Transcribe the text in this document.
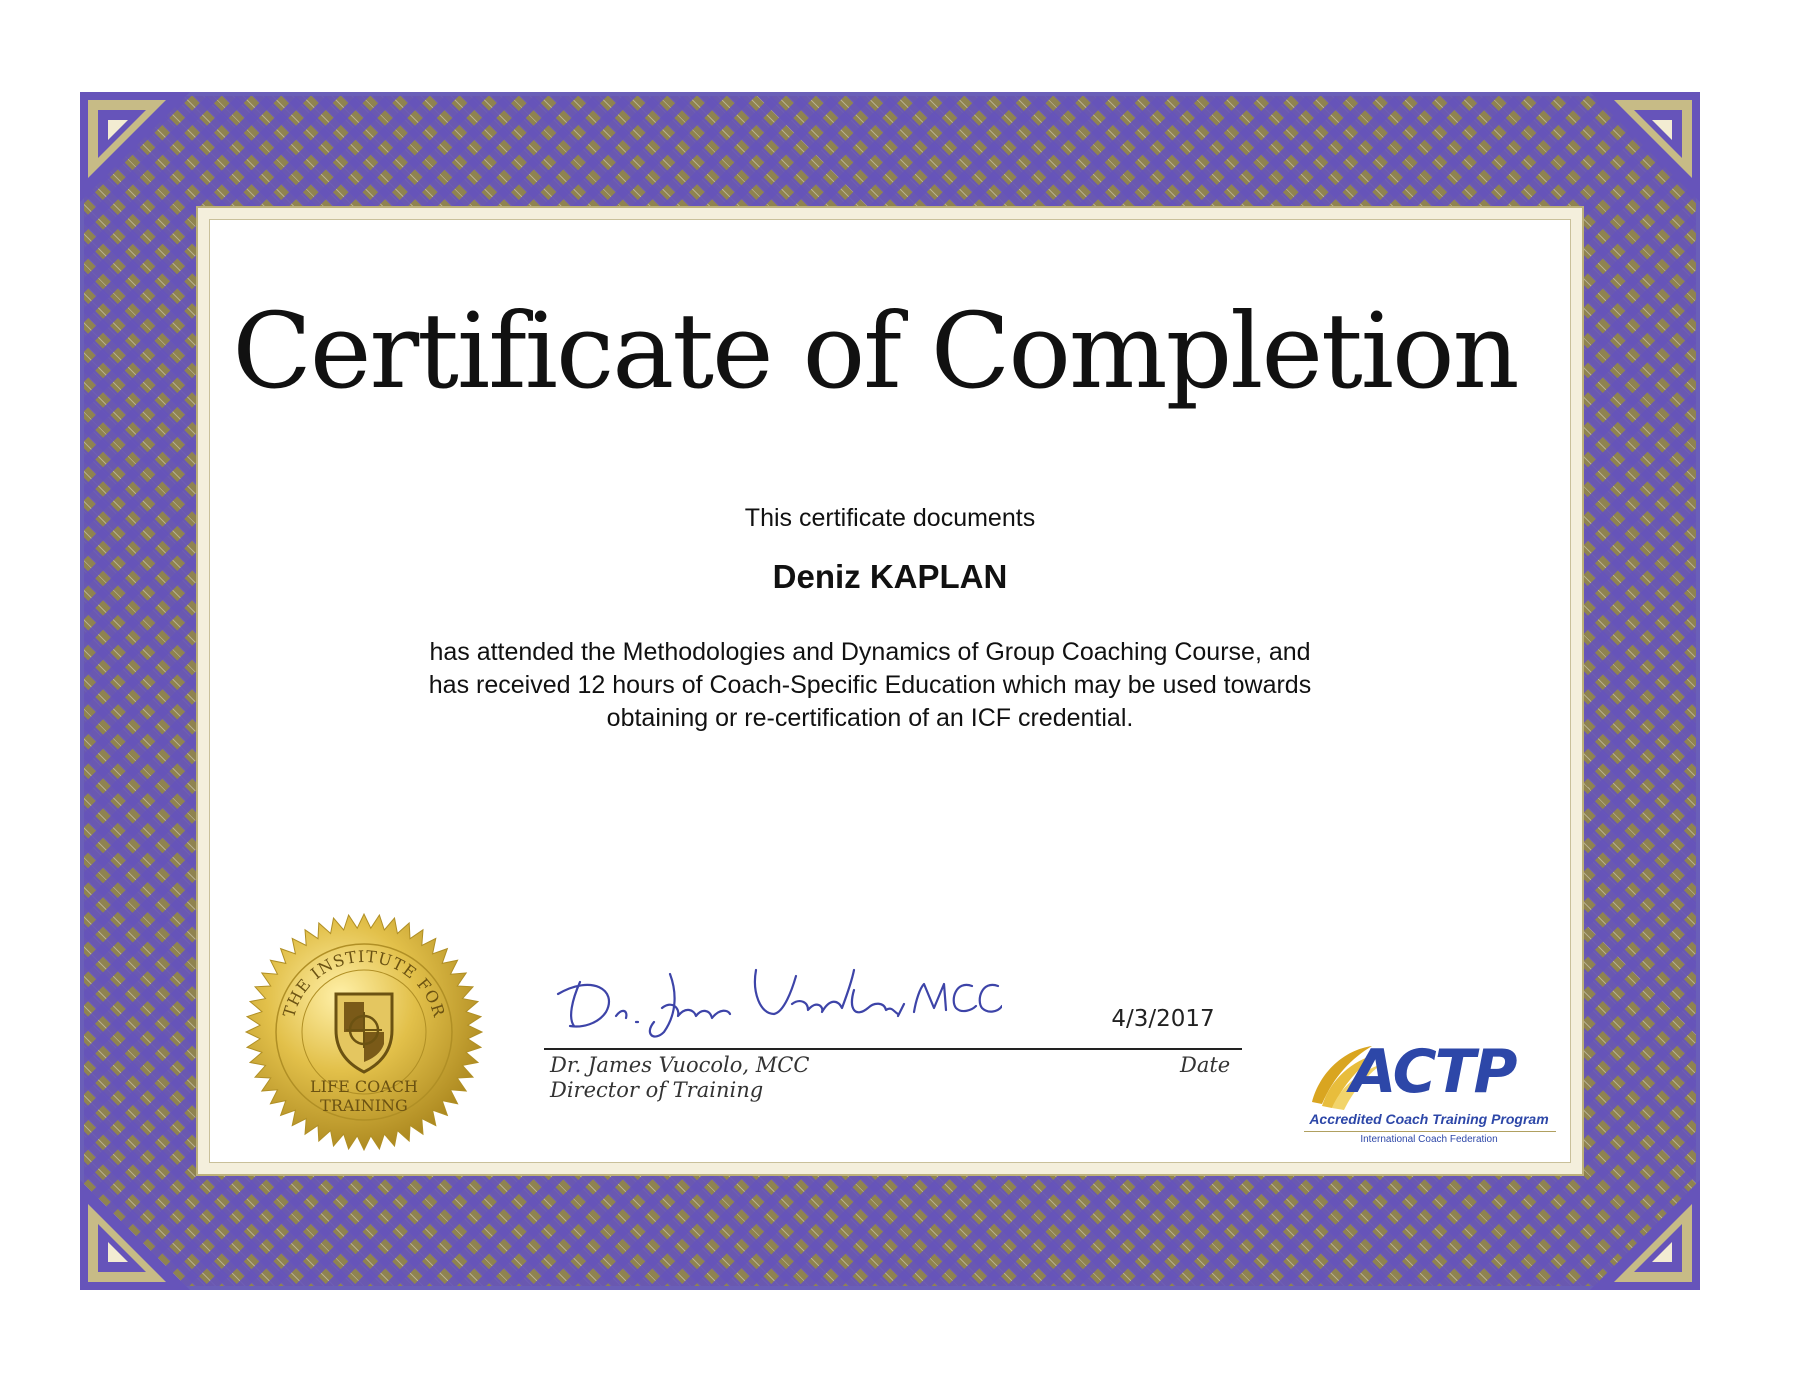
Certificate of Completion
This certificate documents
Deniz KAPLAN
has attended the Methodologies and Dynamics of Group Coaching Course, and
has received 12 hours of Coach-Specific Education which may be used towards
obtaining or re-certification of an ICF credential.
THE INSTITUTE FOR
LIFE COACH
TRAINING
4/3/2017
Dr. James Vuocolo, MCC
Director of Training
Date ACTP
Accredited Coach Training Program
International Coach Federation
